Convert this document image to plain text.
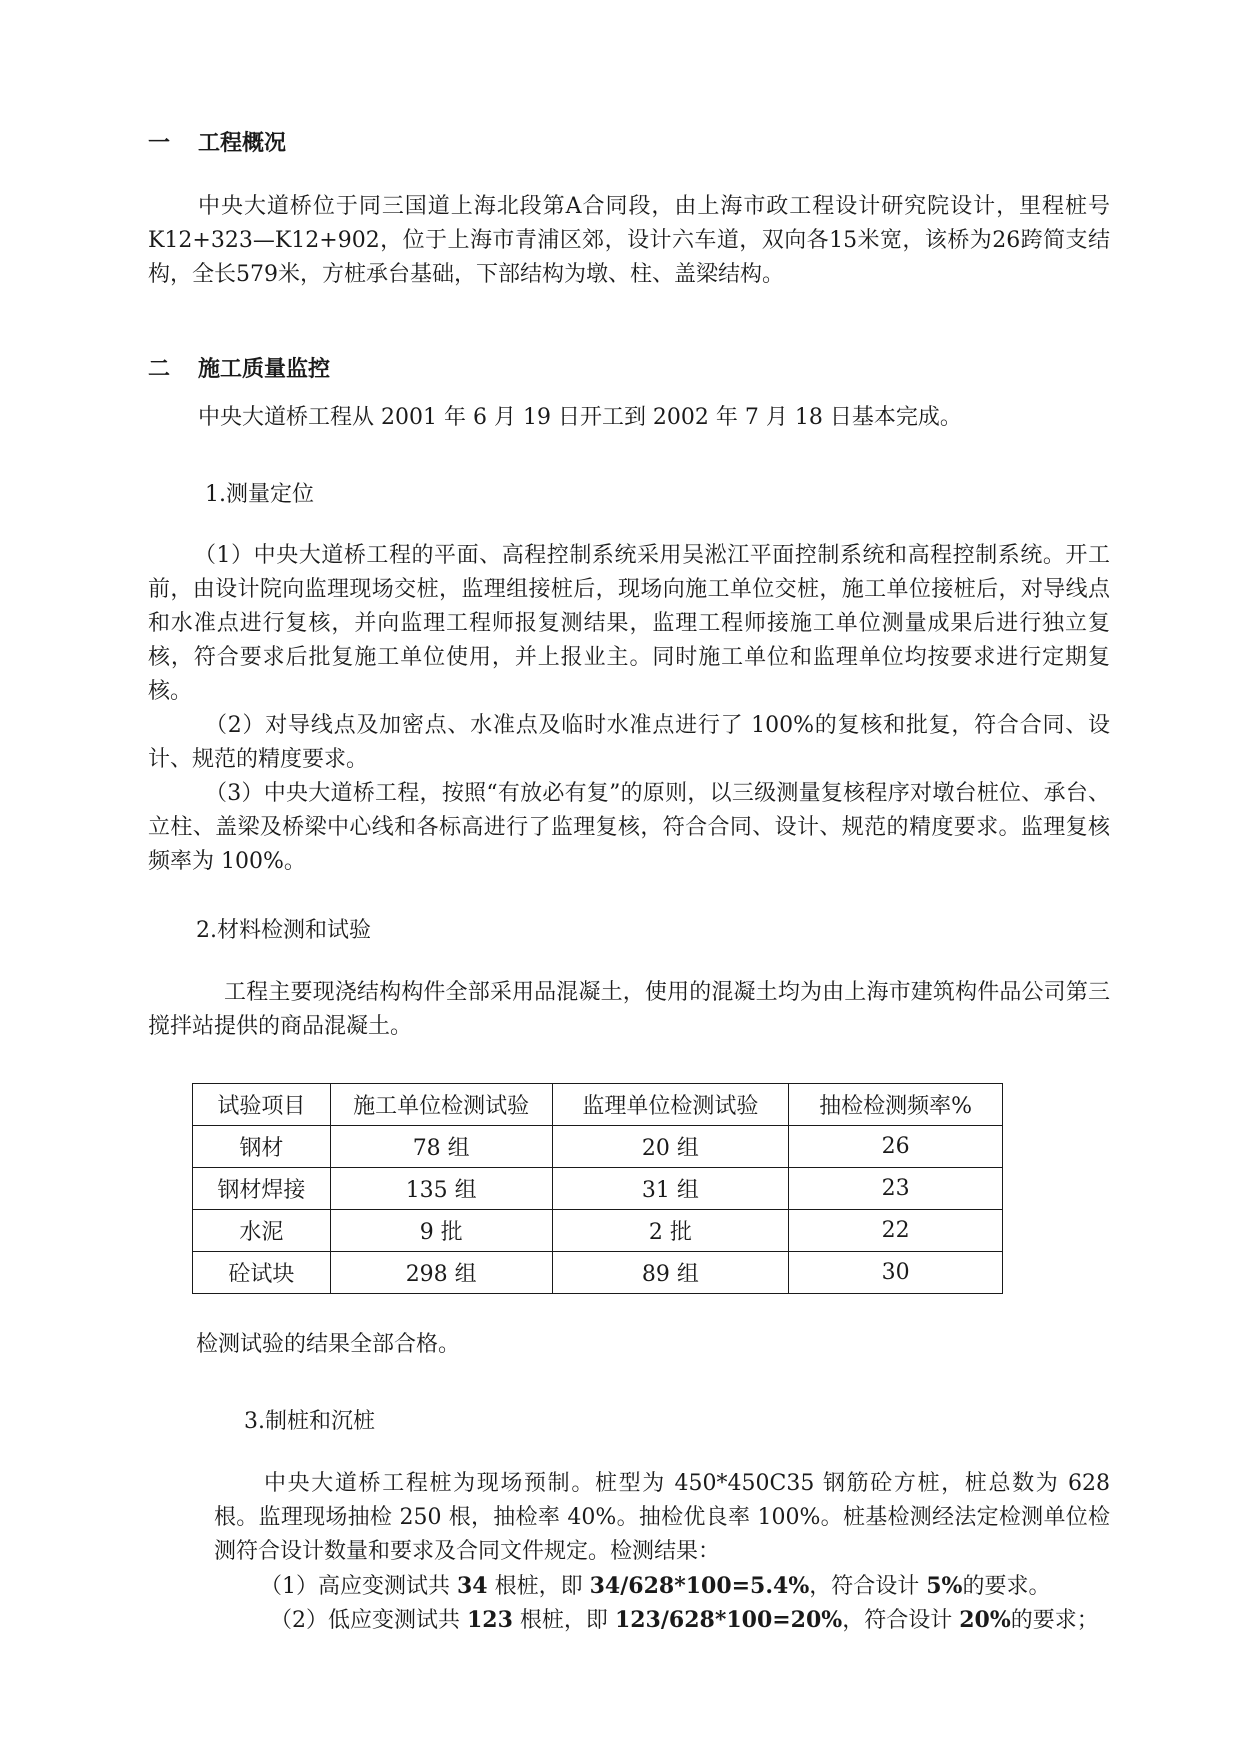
一 工程概况

中央大道桥位于同三国道上海北段第A合同段，由上海市政工程设计研究院设计，里程桩号K12+323—K12+902，位于上海市青浦区郊，设计六车道，双向各15米宽，该桥为26跨简支结构，全长579米，方桩承台基础，下部结构为墩、柱、盖梁结构。

二 施工质量监控
中央大道桥工程从 2001 年 6 月 19 日开工到 2002 年 7 月 18 日基本完成。
1.测量定位

（1）中央大道桥工程的平面、高程控制系统采用吴淞江平面控制系统和高程控制系统。开工前，由设计院向监理现场交桩，监理组接桩后，现场向施工单位交桩，施工单位接桩后，对导线点和水准点进行复核，并向监理工程师报复测结果，监理工程师接施工单位测量成果后进行独立复核，符合要求后批复施工单位使用，并上报业主。同时施工单位和监理单位均按要求进行定期复核。

（2）对导线点及加密点、水准点及临时水准点进行了 100%的复核和批复，符合合同、设计、规范的精度要求。

（3）中央大道桥工程，按照“有放必有复”的原则，以三级测量复核程序对墩台桩位、承台、立柱、盖梁及桥梁中心线和各标高进行了监理复核，符合合同、设计、规范的精度要求。监理复核频率为 100%。

2.材料检测和试验

工程主要现浇结构构件全部采用品混凝土，使用的混凝土均为由上海市建筑构件品公司第三搅拌站提供的商品混凝土。

试验项目	施工单位检测试验	监理单位检测试验	抽检检测频率%
钢材	78 组	20 组	26
钢材焊接	135 组	31 组	23
水泥	9 批	2 批	22
砼试块	298 组	89 组	30
检测试验的结果全部合格。
3.制桩和沉桩

中央大道桥工程桩为现场预制。桩型为 450*450C35 钢筋砼方桩，桩总数为 628 根。监理现场抽检 250 根，抽检率 40%。抽检优良率 100%。桩基检测经法定检测单位检测符合设计数量和要求及合同文件规定。检测结果：

（1）高应变测试共 34 根桩，即 34/628*100=5.4%，符合设计 5%的要求。
（2）低应变测试共 123 根桩，即 123/628*100=20%，符合设计 20%的要求；
